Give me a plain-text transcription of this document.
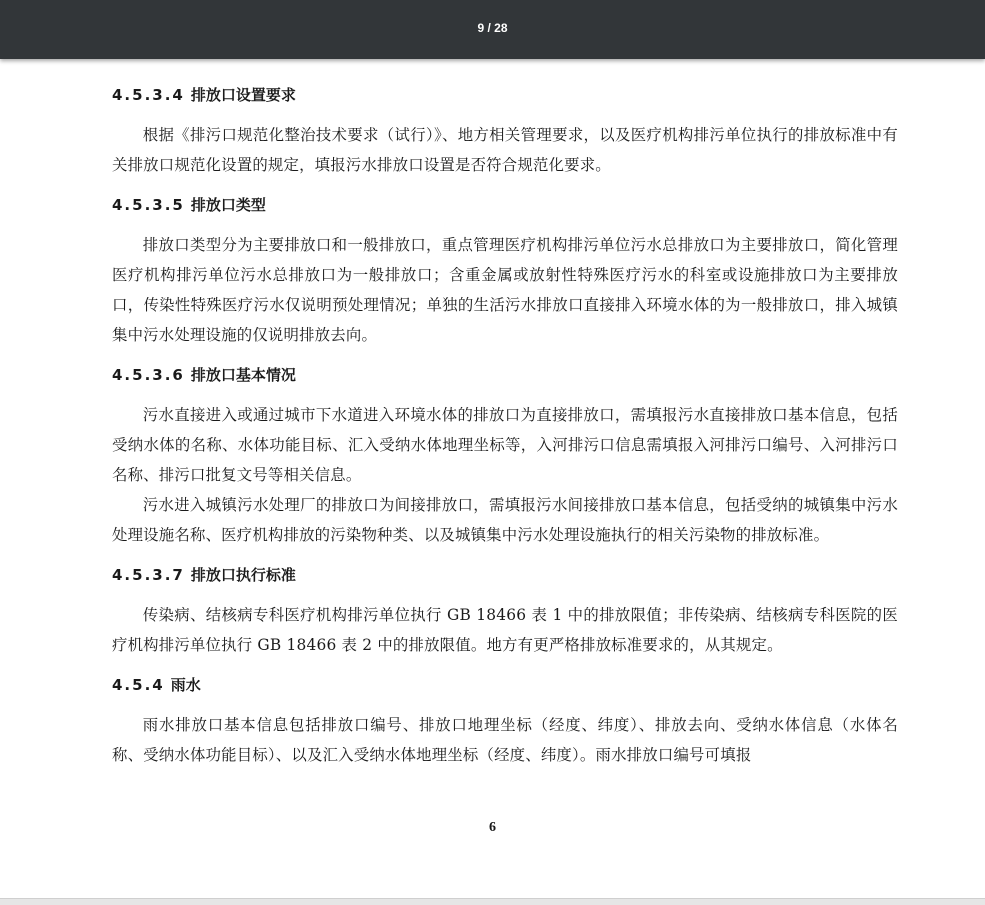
9 / 28
4.5.3.4 排放口设置要求
根据《排污口规范化整治技术要求（试行）》、地方相关管理要求，以及医疗机构排污单位执行的排放标准中有关排放口规范化设置的规定，填报污水排放口设置是否符合规范化要求。
4.5.3.5 排放口类型
排放口类型分为主要排放口和一般排放口，重点管理医疗机构排污单位污水总排放口为主要排放口，简化管理医疗机构排污单位污水总排放口为一般排放口；含重金属或放射性特殊医疗污水的科室或设施排放口为主要排放口，传染性特殊医疗污水仅说明预处理情况；单独的生活污水排放口直接排入环境水体的为一般排放口，排入城镇集中污水处理设施的仅说明排放去向。
4.5.3.6 排放口基本情况
污水直接进入或通过城市下水道进入环境水体的排放口为直接排放口，需填报污水直接排放口基本信息，包括受纳水体的名称、水体功能目标、汇入受纳水体地理坐标等，入河排污口信息需填报入河排污口编号、入河排污口名称、排污口批复文号等相关信息。
污水进入城镇污水处理厂的排放口为间接排放口，需填报污水间接排放口基本信息，包括受纳的城镇集中污水处理设施名称、医疗机构排放的污染物种类、以及城镇集中污水处理设施执行的相关污染物的排放标准。
4.5.3.7 排放口执行标准
传染病、结核病专科医疗机构排污单位执行 GB 18466 表 1 中的排放限值；非传染病、结核病专科医院的医疗机构排污单位执行 GB 18466 表 2 中的排放限值。地方有更严格排放标准要求的，从其规定。
4.5.4 雨水
雨水排放口基本信息包括排放口编号、排放口地理坐标（经度、纬度）、排放去向、受纳水体信息（水体名称、受纳水体功能目标）、以及汇入受纳水体地理坐标（经度、纬度）。雨水排放口编号可填报
6
